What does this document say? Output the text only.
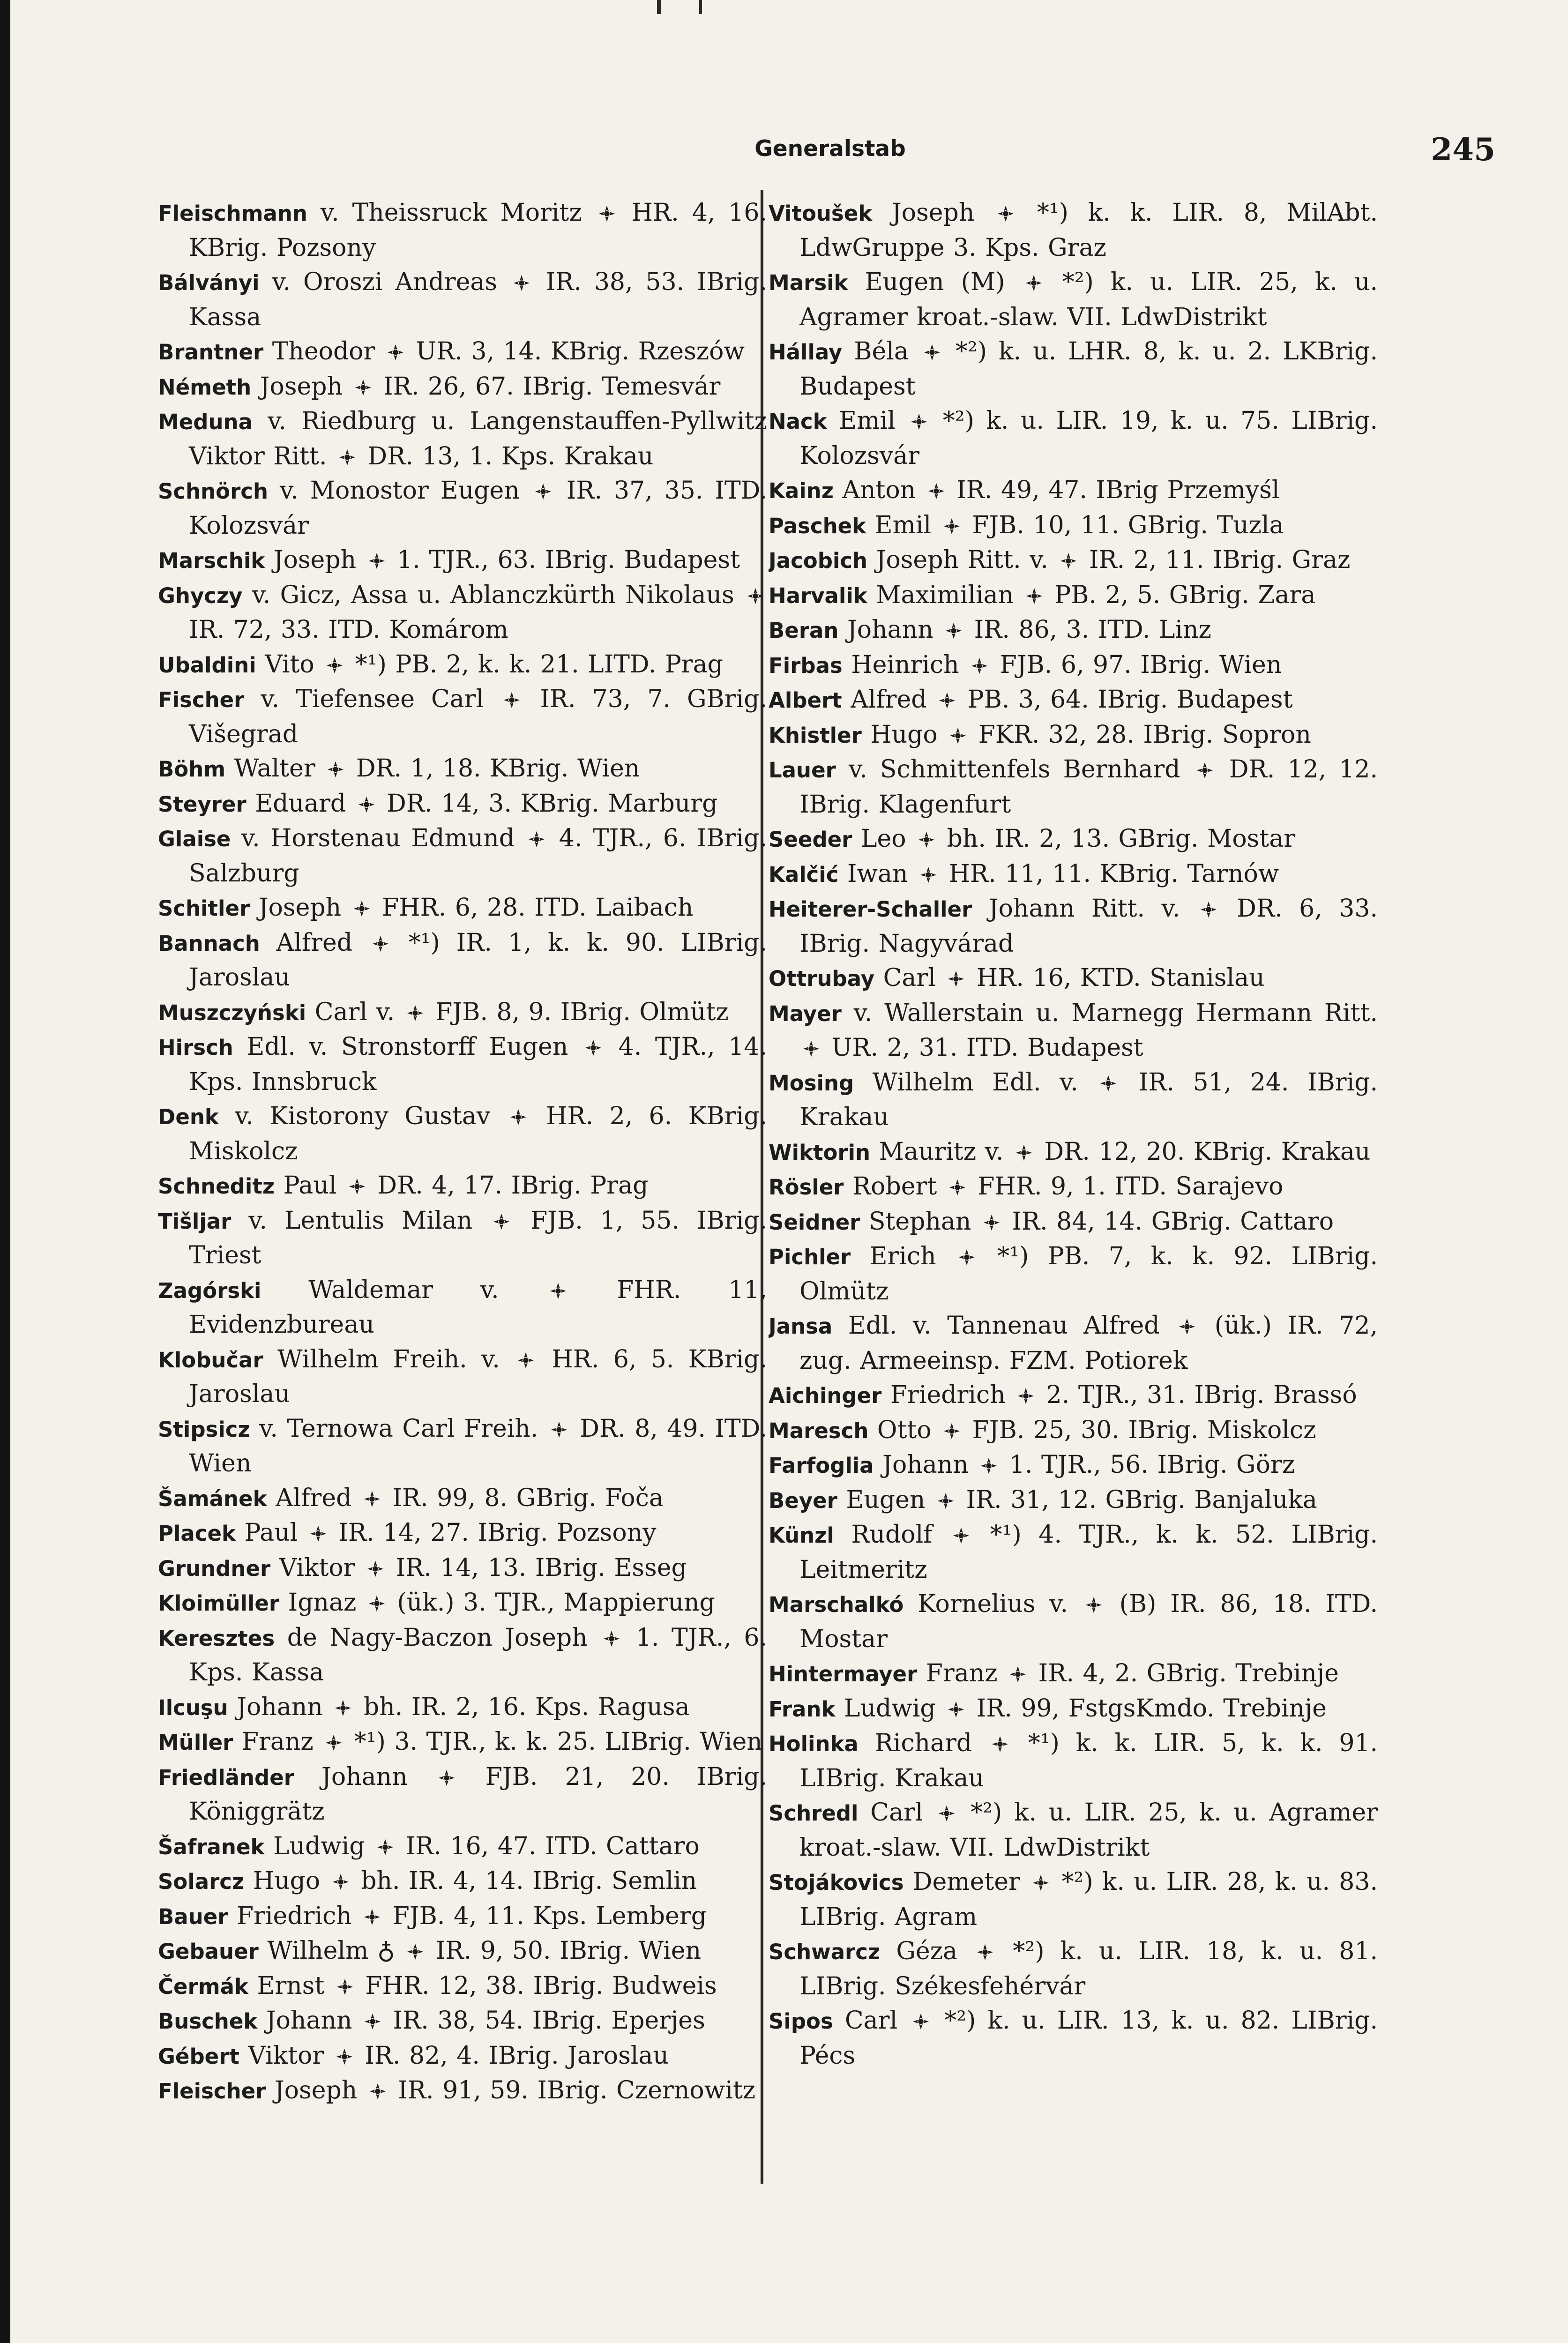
Generalstab	245

Fleischmann v. Theissruck Moritz
HR. 4, 16. KBrig. Pozsony

Bálványi v. Oroszi Andreas
IR. 38, 53. IBrig. Kassa

Brantner Theodor
UR. 3, 14. KBrig. Rzeszów

Németh Joseph
IR. 26, 67. IBrig. Temesvár

Meduna v. Riedburg u. Langenstauffen-Pyllwitz Viktor Ritt.
DR. 13, 1. Kps. Krakau

Schnörch v. Monostor Eugen
IR. 37, 35. ITD. Kolozsvár

Marschik Joseph
1. TJR., 63. IBrig. Budapest

Ghyczy v. Gicz, Assa u. Ablanczkürth Nikolaus
IR. 72, 33. ITD. Komárom

Ubaldini Vito
*¹) PB. 2, k. k. 21. LITD. Prag

Fischer v. Tiefensee Carl
IR. 73, 7. GBrig. Višegrad

Böhm Walter
DR. 1, 18. KBrig. Wien

Steyrer Eduard
DR. 14, 3. KBrig. Marburg

Glaise v. Horstenau Edmund
4. TJR., 6. IBrig. Salzburg

Schitler Joseph
FHR. 6, 28. ITD. Laibach

Bannach Alfred
*¹) IR. 1, k. k. 90. LIBrig. Jaroslau

Muszczyński Carl v.
FJB. 8, 9. IBrig. Olmütz

Hirsch Edl. v. Stronstorff Eugen
4. TJR., 14. Kps. Innsbruck

Denk v. Kistorony Gustav
HR. 2, 6. KBrig. Miskolcz

Schneditz Paul
DR. 4, 17. IBrig. Prag

Tišljar v. Lentulis Milan
FJB. 1, 55. IBrig. Triest

Zagórski Waldemar v.
FHR. 11, Evidenzbureau

Klobučar Wilhelm Freih. v.
HR. 6, 5. KBrig. Jaroslau

Stipsicz v. Ternowa Carl Freih.
DR. 8, 49. ITD. Wien

Šamánek Alfred
IR. 99, 8. GBrig. Foča

Placek Paul
IR. 14, 27. IBrig. Pozsony

Grundner Viktor
IR. 14, 13. IBrig. Esseg

Kloimüller Ignaz
(ük.) 3. TJR., Mappierung

Keresztes de Nagy-Baczon Joseph
1. TJR., 6. Kps. Kassa

Ilcuşu Johann
bh. IR. 2, 16. Kps. Ragusa

Müller Franz
*¹) 3. TJR., k. k. 25. LIBrig. Wien

Friedländer Johann
FJB. 21, 20. IBrig. Königgrätz

Šafranek Ludwig
IR. 16, 47. ITD. Cattaro

Solarcz Hugo
bh. IR. 4, 14. IBrig. Semlin

Bauer Friedrich
FJB. 4, 11. Kps. Lemberg

Gebauer Wilhelm ♁
IR. 9, 50. IBrig. Wien

Čermák Ernst
FHR. 12, 38. IBrig. Budweis

Buschek Johann
IR. 38, 54. IBrig. Eperjes

Gébert Viktor
IR. 82, 4. IBrig. Jaroslau

Fleischer Joseph
IR. 91, 59. IBrig. Czernowitz

Vitoušek Joseph
*¹) k. k. LIR. 8, MilAbt. LdwGruppe 3. Kps. Graz

Marsik Eugen (M)
*²) k. u. LIR. 25, k. u. Agramer kroat.-slaw. VII. LdwDistrikt

Hállay Béla
*²) k. u. LHR. 8, k. u. 2. LKBrig. Budapest

Nack Emil
*²) k. u. LIR. 19, k. u. 75. LIBrig. Kolozsvár

Kainz Anton
IR. 49, 47. IBrig Przemyśl

Paschek Emil
FJB. 10, 11. GBrig. Tuzla

Jacobich Joseph Ritt. v.
IR. 2, 11. IBrig. Graz

Harvalik Maximilian
PB. 2, 5. GBrig. Zara

Beran Johann
IR. 86, 3. ITD. Linz

Firbas Heinrich
FJB. 6, 97. IBrig. Wien

Albert Alfred
PB. 3, 64. IBrig. Budapest

Khistler Hugo
FKR. 32, 28. IBrig. Sopron

Lauer v. Schmittenfels Bernhard
DR. 12, 12. IBrig. Klagenfurt

Seeder Leo
bh. IR. 2, 13. GBrig. Mostar

Kalčić Iwan
HR. 11, 11. KBrig. Tarnów

Heiterer-Schaller Johann Ritt. v.
DR. 6, 33. IBrig. Nagyvárad

Ottrubay Carl
HR. 16, KTD. Stanislau

Mayer v. Wallerstain u. Marnegg Hermann Ritt.
UR. 2, 31. ITD. Budapest

Mosing Wilhelm Edl. v.
IR. 51, 24. IBrig. Krakau

Wiktorin Mauritz v.
DR. 12, 20. KBrig. Krakau

Rösler Robert
FHR. 9, 1. ITD. Sarajevo

Seidner Stephan
IR. 84, 14. GBrig. Cattaro

Pichler Erich
*¹) PB. 7, k. k. 92. LIBrig. Olmütz

Jansa Edl. v. Tannenau Alfred
(ük.) IR. 72, zug. Armeeinsp. FZM. Potiorek

Aichinger Friedrich
2. TJR., 31. IBrig. Brassó

Maresch Otto
FJB. 25, 30. IBrig. Miskolcz

Farfoglia Johann
1. TJR., 56. IBrig. Görz

Beyer Eugen
IR. 31, 12. GBrig. Banjaluka

Künzl Rudolf
*¹) 4. TJR., k. k. 52. LIBrig. Leitmeritz

Marschalkó Kornelius v.
(B) IR. 86, 18. ITD. Mostar

Hintermayer Franz
IR. 4, 2. GBrig. Trebinje

Frank Ludwig
IR. 99, FstgsKmdo. Trebinje

Holinka Richard
*¹) k. k. LIR. 5, k. k. 91. LIBrig. Krakau

Schredl Carl
*²) k. u. LIR. 25, k. u. Agramer kroat.-slaw. VII. LdwDistrikt

Stojákovics Demeter
*²) k. u. LIR. 28, k. u. 83. LIBrig. Agram

Schwarcz Géza
*²) k. u. LIR. 18, k. u. 81. LIBrig. Székesfehérvár

Sipos Carl
*²) k. u. LIR. 13, k. u. 82. LIBrig. Pécs
